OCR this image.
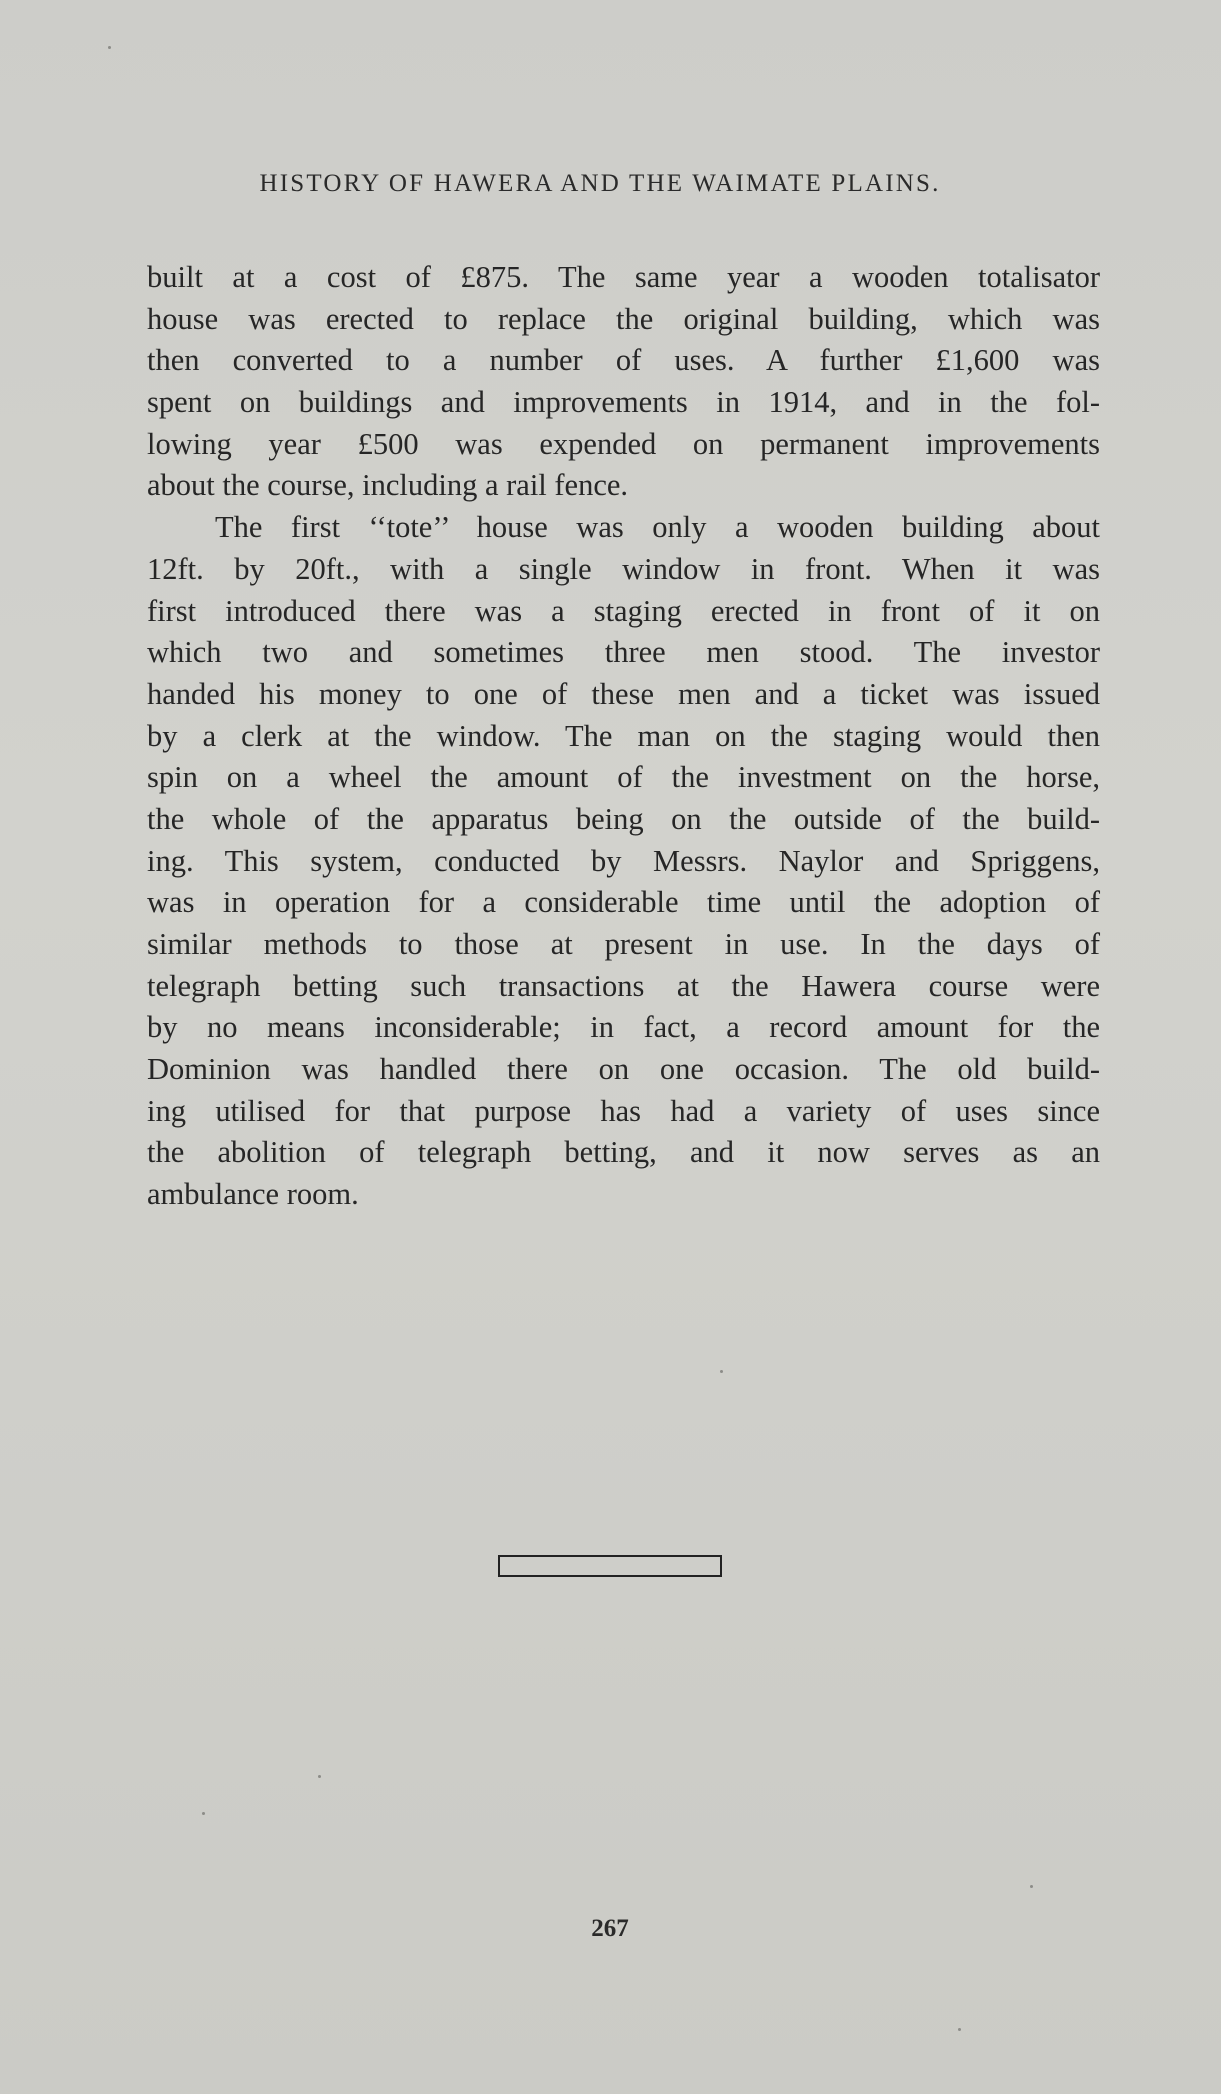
HISTORY OF HAWERA AND THE WAIMATE PLAINS.
built at a cost of £875. The same year a wooden totalisator
house was erected to replace the original building, which was
then converted to a number of uses. A further £1,600 was
spent on buildings and improvements in 1914, and in the fol-
lowing year £500 was expended on permanent improvements
about the course, including a rail fence.
The first ‘‘tote’’ house was only a wooden building about
12ft. by 20ft., with a single window in front. When it was
first introduced there was a staging erected in front of it on
which two and sometimes three men stood. The investor
handed his money to one of these men and a ticket was issued
by a clerk at the window. The man on the staging would then
spin on a wheel the amount of the investment on the horse,
the whole of the apparatus being on the outside of the build-
ing. This system, conducted by Messrs. Naylor and Spriggens,
was in operation for a considerable time until the adoption of
similar methods to those at present in use. In the days of
telegraph betting such transactions at the Hawera course were
by no means inconsiderable; in fact, a record amount for the
Dominion was handled there on one occasion. The old build-
ing utilised for that purpose has had a variety of uses since
the abolition of telegraph betting, and it now serves as an
ambulance room.
267
